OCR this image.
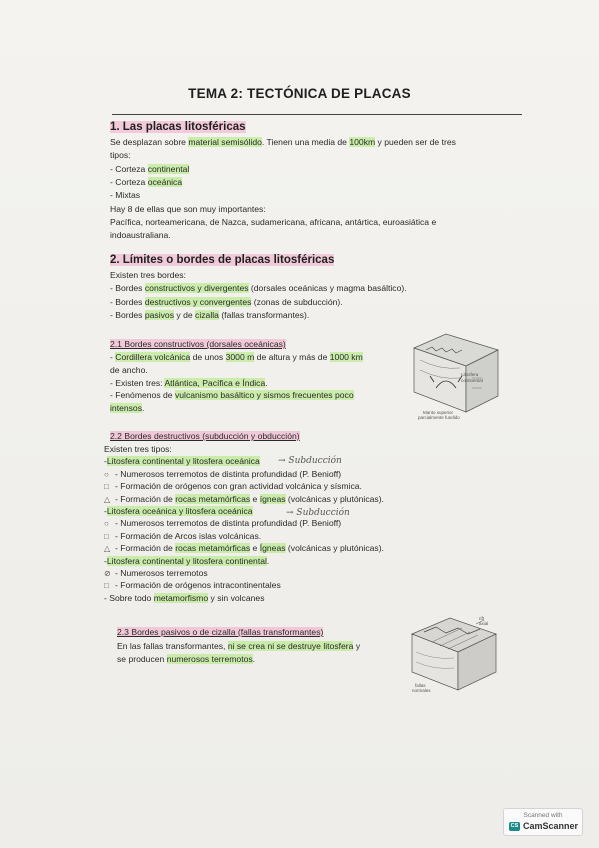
TEMA 2: TECTÓNICA DE PLACAS
1. Las placas litosféricas
Se desplazan sobre material semisólido. Tienen una media de 100km y pueden ser de tres
tipos:
- Corteza continental
- Corteza oceánica
- Mixtas
Hay 8 de ellas que son muy importantes:
Pacífica, norteamericana, de Nazca, sudamericana, africana, antártica, euroasiática e
indoaustraliana.
2. Límites o bordes de placas litosféricas
Existen tres bordes:
- Bordes constructivos y divergentes (dorsales oceánicas y magma basáltico).
- Bordes destructivos y convergentes (zonas de subducción).
- Bordes pasivos y de cizalla (fallas transformantes).
2.1 Bordes constructivos (dorsales oceánicas)
- Cordillera volcánica de unos 3000 m de altura y más de 1000 km
de ancho.
- Existen tres: Atlántica, Pacífica e Índica.
- Fenómenos de vulcanismo basáltico y sismos frecuentes poco
intensos.
Litosfera
continental
Manto superior
parcialmente fundido
2.2 Bordes destructivos (subducción y obducción)
Existen tres tipos:
-Litosfera continental y litosfera oceánica
○ - Numerosos terremotos de distinta profundidad (P. Benioff)
□ - Formación de orógenos con gran actividad volcánica y sísmica.
△ - Formación de rocas metamórficas e ígneas (volcánicas y plutónicas).
-Litosfera oceánica y litosfera oceánica
○ - Numerosos terremotos de distinta profundidad (P. Benioff)
□ - Formación de Arcos islas volcánicas.
△ - Formación de rocas metamórficas e Ígneas (volcánicas y plutónicas).
-Litosfera continental y litosfera continental.
⊘ - Numerosos terremotos
□ - Formación de orógenos intracontinentales
- Sobre todo metamorfismo y sin volcanes
→ Subducción
→ Subducción
2.3 Bordes pasivos o de cizalla (fallas transformantes)
En las fallas transformantes, ni se crea ni se destruye litosfera y
se producen numerosos terremotos.
rift
axial
fallas
normales
Scanned with
CS CamScanner
